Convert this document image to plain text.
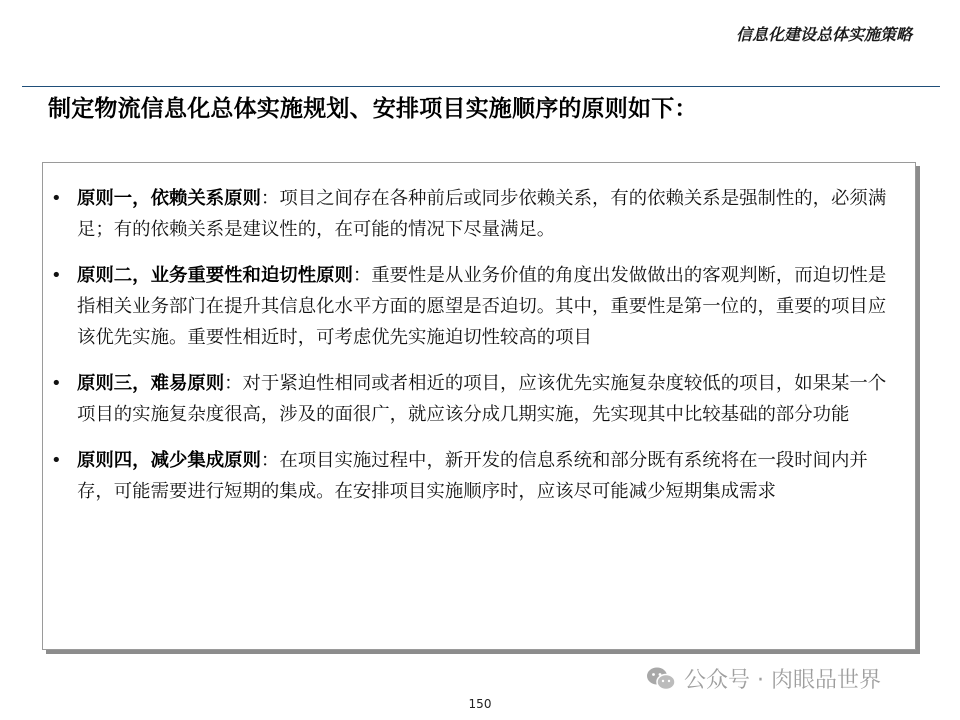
信息化建设总体实施策略
制定物流信息化总体实施规划、安排项目实施顺序的原则如下：
• 原则一，依赖关系原则：项目之间存在各种前后或同步依赖关系，有的依赖关系是强制性的，必须满足；有的依赖关系是建议性的，在可能的情况下尽量满足。
• 原则二，业务重要性和迫切性原则：重要性是从业务价值的角度出发做做出的客观判断，而迫切性是指相关业务部门在提升其信息化水平方面的愿望是否迫切。其中，重要性是第一位的，重要的项目应该优先实施。重要性相近时，可考虑优先实施迫切性较高的项目
• 原则三，难易原则：对于紧迫性相同或者相近的项目，应该优先实施复杂度较低的项目，如果某一个项目的实施复杂度很高，涉及的面很广，就应该分成几期实施，先实现其中比较基础的部分功能
• 原则四，减少集成原则：在项目实施过程中，新开发的信息系统和部分既有系统将在一段时间内并存，可能需要进行短期的集成。在安排项目实施顺序时，应该尽可能减少短期集成需求
公众号 · 肉眼品世界
150
